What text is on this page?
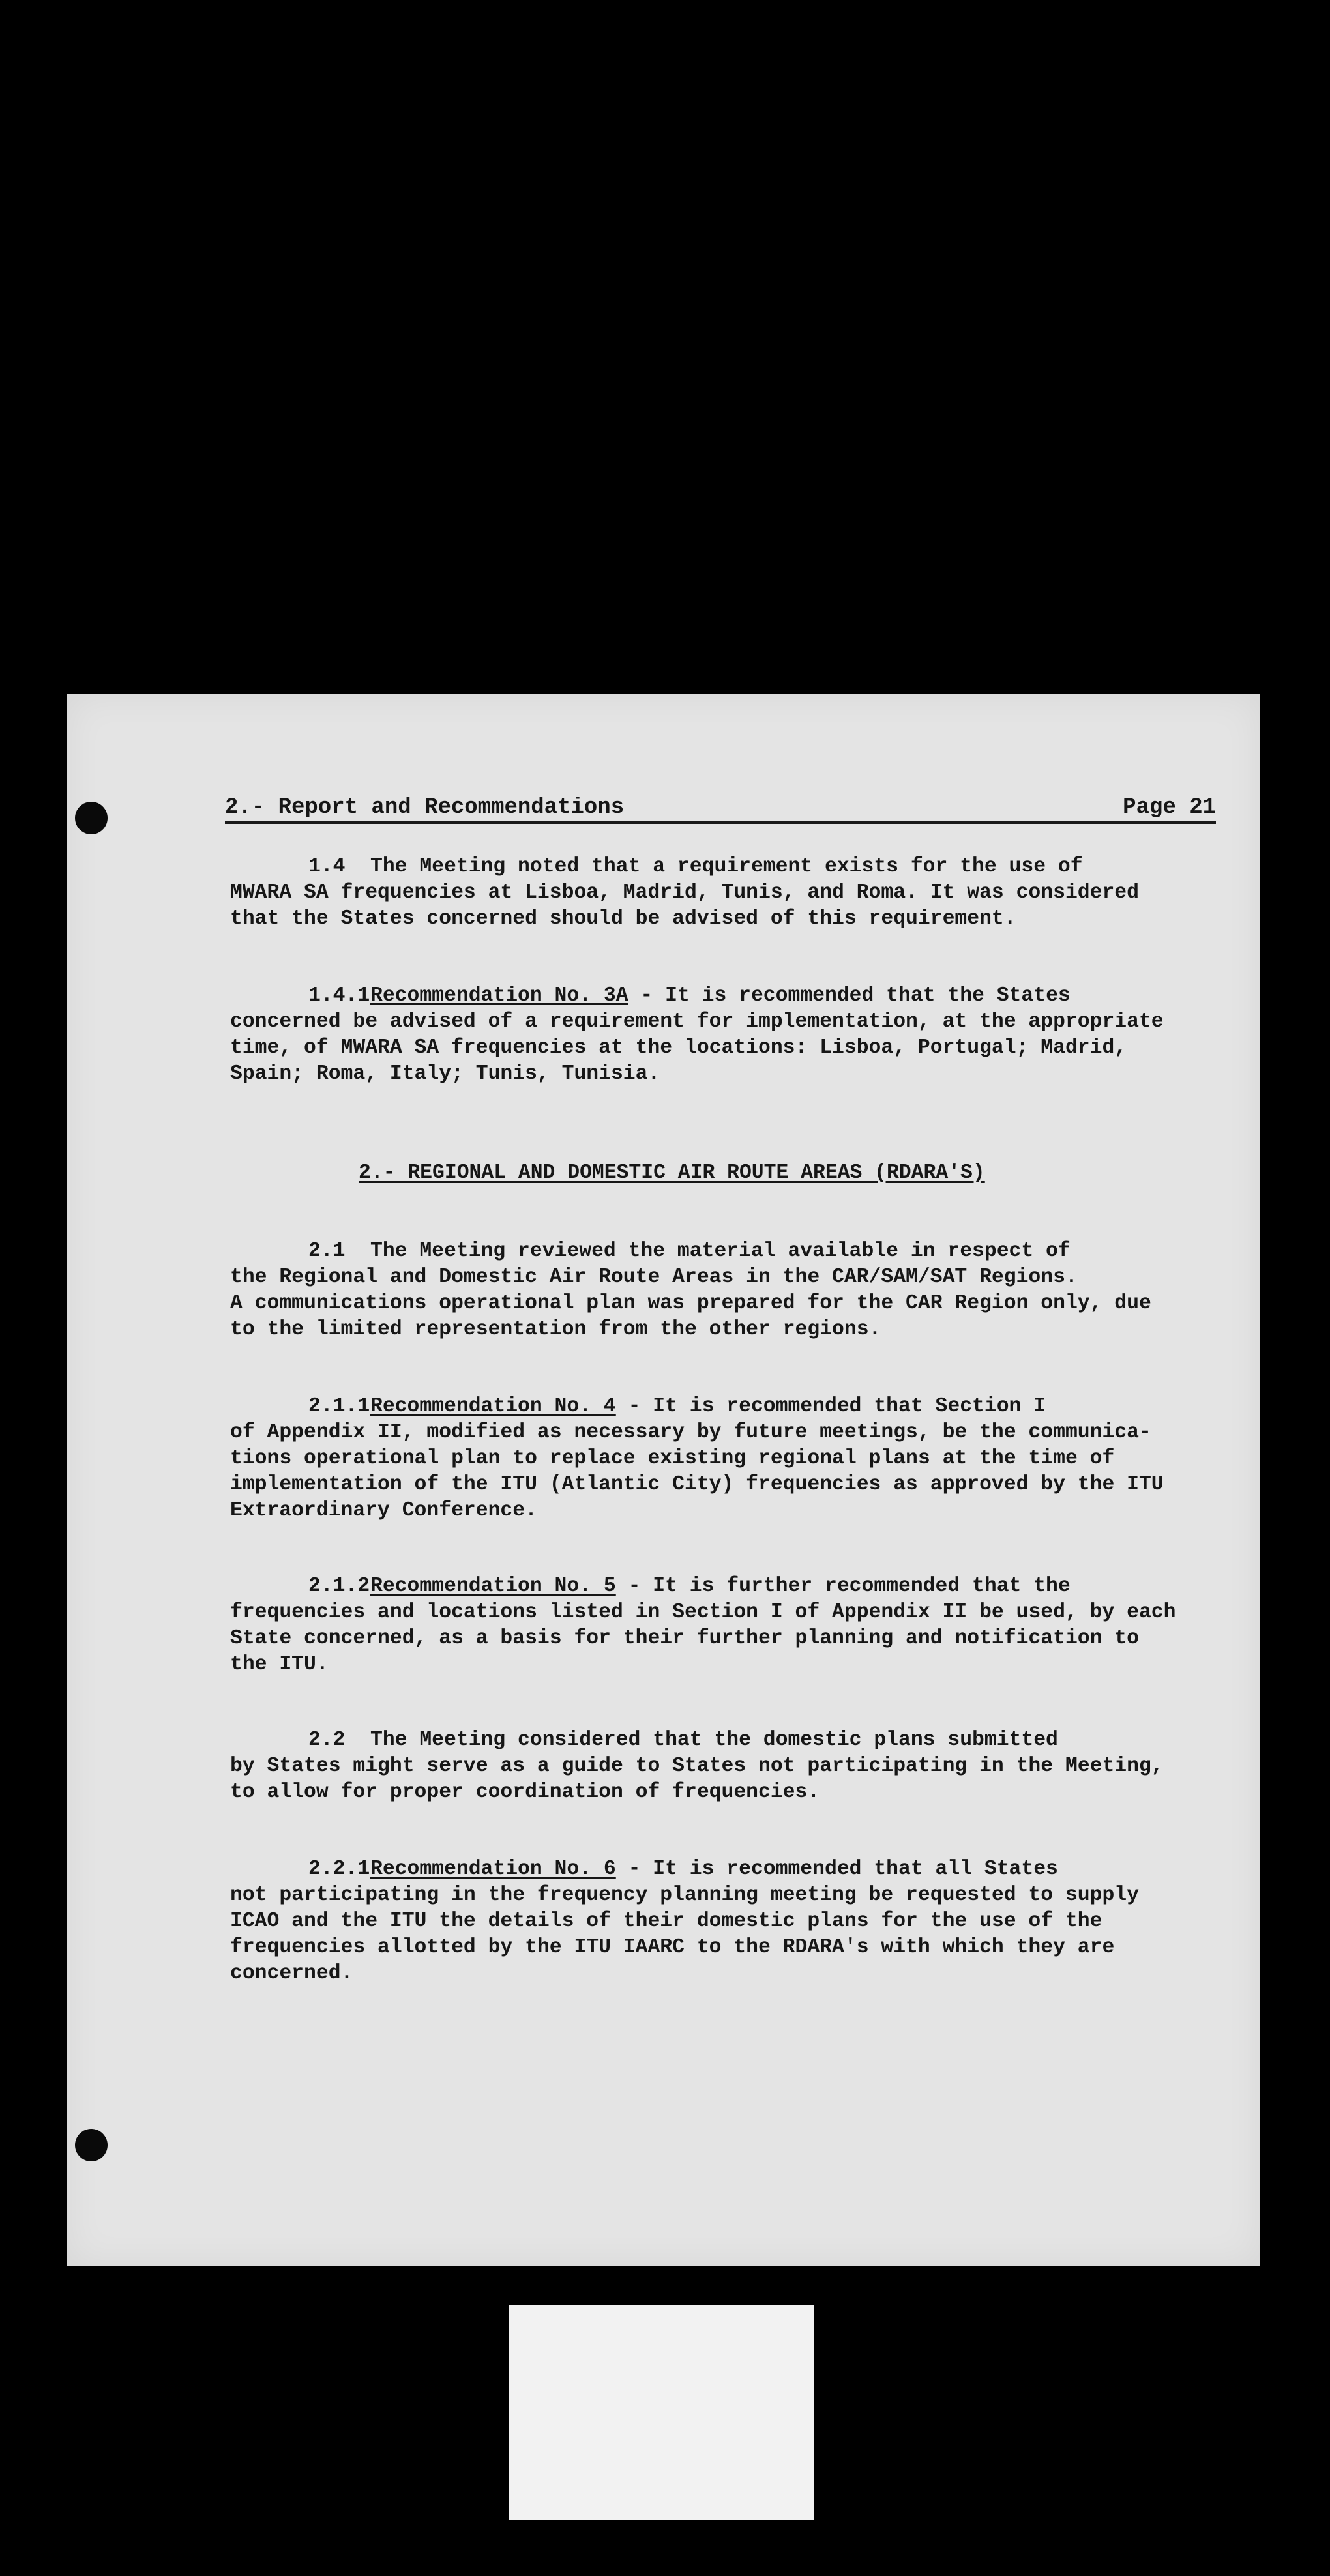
2.- Report and Recommendations	Page 21

1.4 The Meeting noted that a requirement exists for the use of
MWARA SA frequencies at Lisboa, Madrid, Tunis, and Roma. It was considered
that the States concerned should be advised of this requirement.

1.4.1Recommendation No. 3A - It is recommended that the States
concerned be advised of a requirement for implementation, at the appropriate
time, of MWARA SA frequencies at the locations: Lisboa, Portugal; Madrid,
Spain; Roma, Italy; Tunis, Tunisia.

2.- REGIONAL AND DOMESTIC AIR ROUTE AREAS (RDARA'S)

2.1 The Meeting reviewed the material available in respect of
the Regional and Domestic Air Route Areas in the CAR/SAM/SAT Regions.
A communications operational plan was prepared for the CAR Region only, due
to the limited representation from the other regions.

2.1.1Recommendation No. 4 - It is recommended that Section I
of Appendix II, modified as necessary by future meetings, be the communica-
tions operational plan to replace existing regional plans at the time of
implementation of the ITU (Atlantic City) frequencies as approved by the ITU
Extraordinary Conference.

2.1.2Recommendation No. 5 - It is further recommended that the
frequencies and locations listed in Section I of Appendix II be used, by each
State concerned, as a basis for their further planning and notification to
the ITU.

2.2 The Meeting considered that the domestic plans submitted
by States might serve as a guide to States not participating in the Meeting,
to allow for proper coordination of frequencies.

2.2.1Recommendation No. 6 - It is recommended that all States
not participating in the frequency planning meeting be requested to supply
ICAO and the ITU the details of their domestic plans for the use of the
frequencies allotted by the ITU IAARC to the RDARA's with which they are
concerned.
